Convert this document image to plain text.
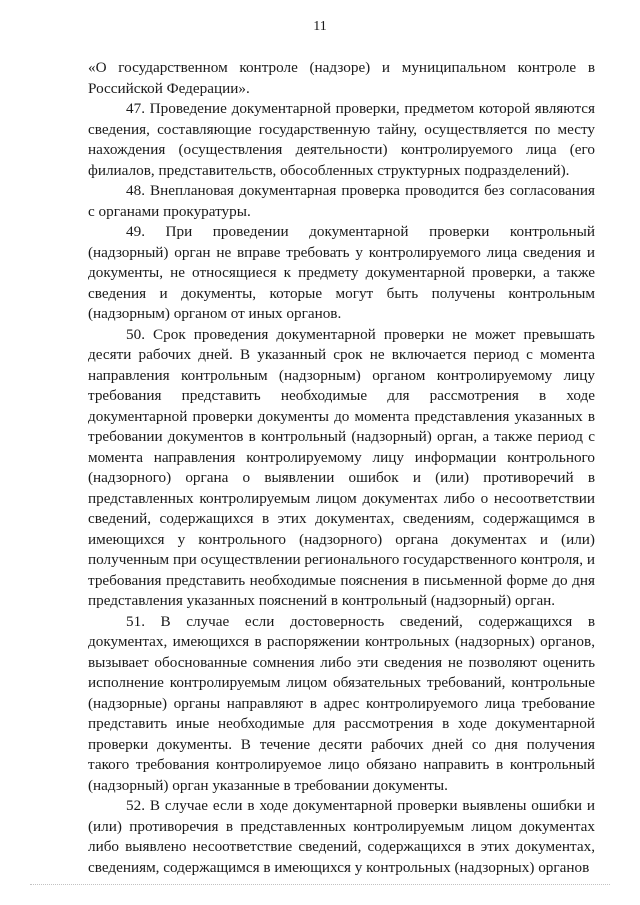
11

«О государственном контроле (надзоре) и муниципальном контроле в Российской Федерации».

47. Проведение документарной проверки, предметом которой являются сведения, составляющие государственную тайну, осуществляется по месту нахождения (осуществления деятельности) контролируемого лица (его филиалов, представительств, обособленных структурных подразделений).

48. Внеплановая документарная проверка проводится без согласования с органами прокуратуры.

49. При проведении документарной проверки контрольный (надзорный) орган не вправе требовать у контролируемого лица сведения и документы, не относящиеся к предмету документарной проверки, а также сведения и документы, которые могут быть получены контрольным (надзорным) органом от иных органов.

50. Срок проведения документарной проверки не может превышать десяти рабочих дней. В указанный срок не включается период с момента направления контрольным (надзорным) органом контролируемому лицу требования представить необходимые для рассмотрения в ходе документарной проверки документы до момента представления указанных в требовании документов в контрольный (надзорный) орган, а также период с момента направления контролируемому лицу информации контрольного (надзорного) органа о выявлении ошибок и (или) противоречий в представленных контролируемым лицом документах либо о несоответствии сведений, содержащихся в этих документах, сведениям, содержащимся в имеющихся у контрольного (надзорного) органа документах и (или) полученным при осуществлении регионального государственного контроля, и требования представить необходимые пояснения в письменной форме до дня представления указанных пояснений в контрольный (надзорный) орган.

51. В случае если достоверность сведений, содержащихся в документах, имеющихся в распоряжении контрольных (надзорных) органов, вызывает обоснованные сомнения либо эти сведения не позволяют оценить исполнение контролируемым лицом обязательных требований, контрольные (надзорные) органы направляют в адрес контролируемого лица требование представить иные необходимые для рассмотрения в ходе документарной проверки документы. В течение десяти рабочих дней со дня получения такого требования контролируемое лицо обязано направить в контрольный (надзорный) орган указанные в требовании документы.

52. В случае если в ходе документарной проверки выявлены ошибки и (или) противоречия в представленных контролируемым лицом документах либо выявлено несоответствие сведений, содержащихся в этих документах, сведениям, содержащимся в имеющихся у контрольных (надзорных) органов
